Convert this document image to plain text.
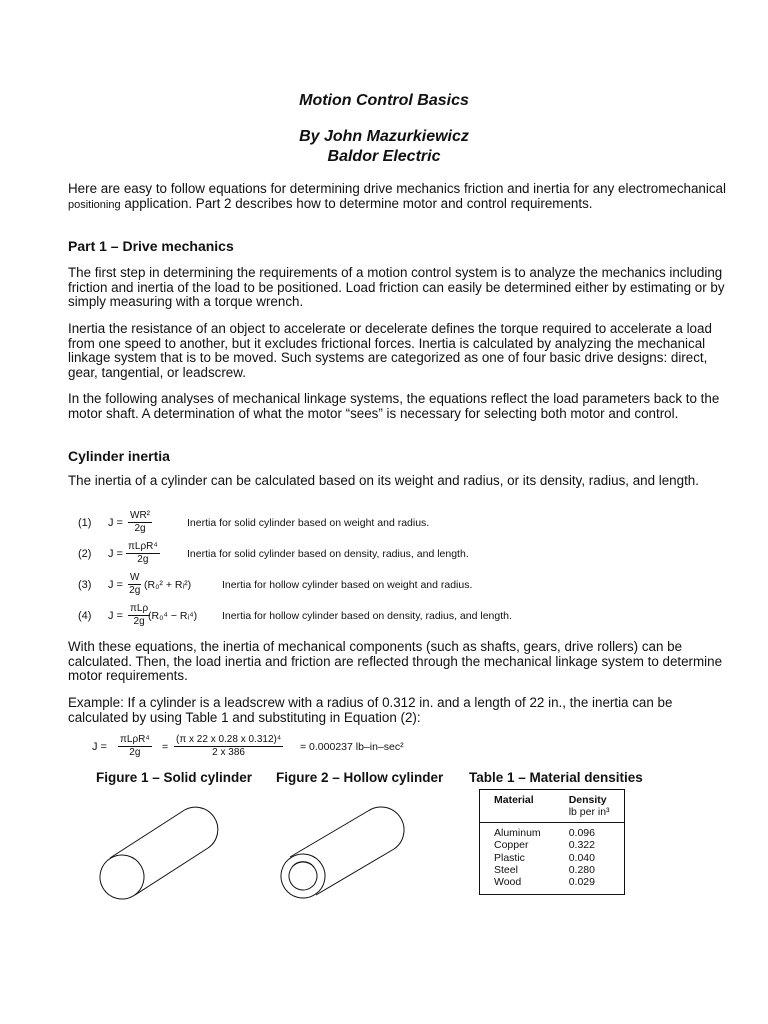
Motion Control Basics
By John Mazurkiewicz
Baldor Electric
Here are easy to follow equations for determining drive mechanics friction and inertia for any electromechanical positioning application. Part 2 describes how to determine motor and control requirements.
Part 1 – Drive mechanics
The first step in determining the requirements of a motion control system is to analyze the mechanics including friction and inertia of the load to be positioned. Load friction can easily be determined either by estimating or by simply measuring with a torque wrench.
Inertia the resistance of an object to accelerate or decelerate defines the torque required to accelerate a load from one speed to another, but it excludes frictional forces. Inertia is calculated by analyzing the mechanical linkage system that is to be moved. Such systems are categorized as one of four basic drive designs: direct, gear, tangential, or leadscrew.
In the following analyses of mechanical linkage systems, the equations reflect the load parameters back to the motor shaft. A determination of what the motor “sees” is necessary for selecting both motor and control.
Cylinder inertia
The inertia of a cylinder can be calculated based on its weight and radius, or its density, radius, and length.
(1) $J = \frac{\text{WR²}}{2g}$	Inertia for solid cylinder based on weight and radius.
(2) J =
πLρR⁴
2g	Inertia for solid cylinder based on density, radius, and length.
(3) $J = \frac{W}{2g} (R_0^2$ + Rᵢ²)	Inertia for hollow cylinder based on weight and radius.
(4) J =
πLρ
2g (R₀⁴ − Rᵢ⁴) Inertia for hollow cylinder based on density, radius, and length.
With these equations, the inertia of mechanical components (such as shafts, gears, drive rollers) can be calculated. Then, the load inertia and friction are reflected through the mechanical linkage system to determine motor requirements.
Example: If a cylinder is a leadscrew with a radius of 0.312 in. and a length of 22 in., the inertia can be calculated by using Table 1 and substituting in Equation (2):
J =
πLρR⁴
2g	= $\frac{\text{(π x 22 x 0.28 x 0.312)⁴}}{2 x 386} = 0.000237$ lb–in–sec²
Figure 1 – Solid cylinder Figure 2 – Hollow cylinder Table 1 – Material densities
Material	Density
lb per in³

Aluminum	0.096
Copper	0.322
Plastic	0.040
Steel	0.280
Wood	0.029
